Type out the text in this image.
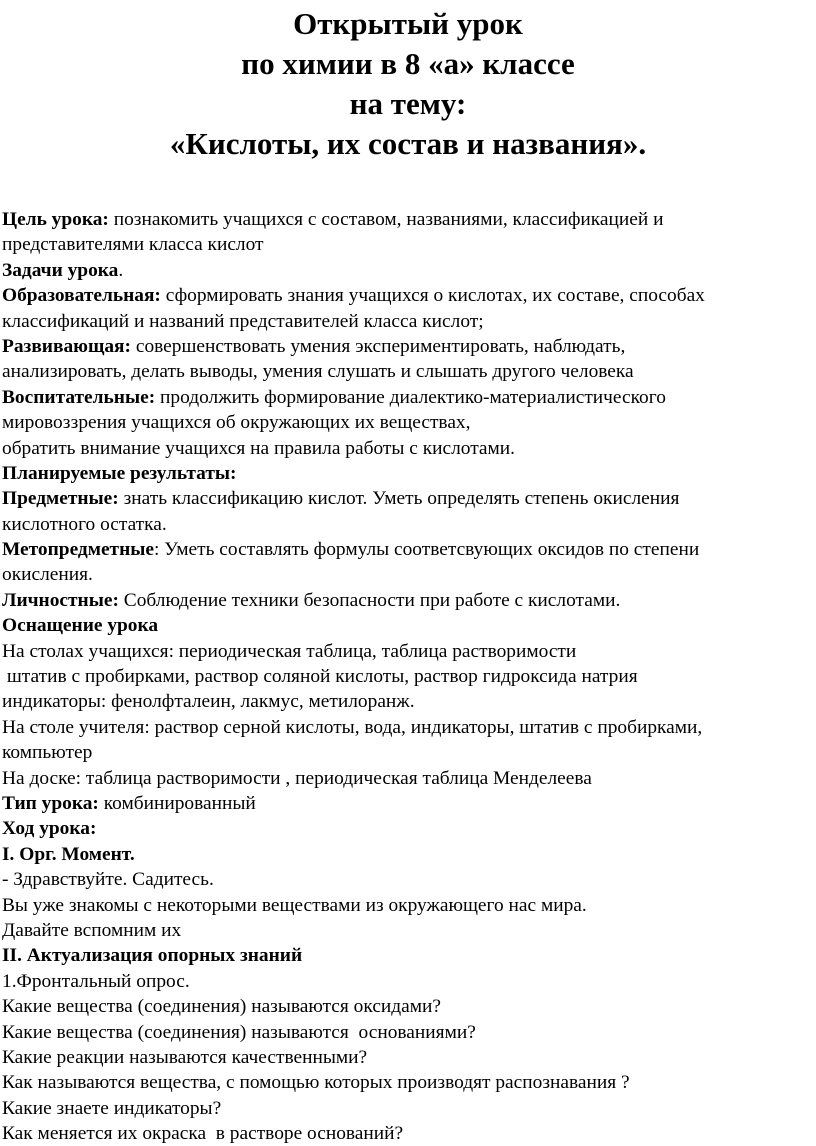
Открытый урок
по химии в 8 «а» классе
на тему:
«Кислоты, их состав и названия».
Цель урока: познакомить учащихся с составом, названиями, классификацией и
представителями класса кислот
Задачи урока.
Образовательная: сформировать знания учащихся о кислотах, их составе, способах
классификаций и названий представителей класса кислот;
Развивающая: совершенствовать умения экспериментировать, наблюдать,
анализировать, делать выводы, умения слушать и слышать другого человека
Воспитательные: продолжить формирование диалектико-материалистического
мировоззрения учащихся об окружающих их веществах,
обратить внимание учащихся на правила работы с кислотами.
Планируемые результаты:
Предметные: знать классификацию кислот. Уметь определять степень окисления
кислотного остатка.
Метопредметные: Уметь составлять формулы соответсвующих оксидов по степени
окисления.
Личностные: Соблюдение техники безопасности при работе с кислотами.
Оснащение урока
На столах учащихся: периодическая таблица, таблица растворимости
штатив с пробирками, раствор соляной кислоты, раствор гидроксида натрия
индикаторы: фенолфталеин, лакмус, метилоранж.
На столе учителя: раствор серной кислоты, вода, индикаторы, штатив с пробирками,
компьютер
На доске: таблица растворимости , периодическая таблица Менделеева
Тип урока: комбинированный
Ход урока:
I. Орг. Момент.
- Здравствуйте. Садитесь.
Вы уже знакомы с некоторыми веществами из окружающего нас мира.
Давайте вспомним их
II. Актуализация опорных знаний
1.Фронтальный опрос.
Какие вещества (соединения) называются оксидами?
Какие вещества (соединения) называются  основаниями?
Какие реакции называются качественными?
Как называются вещества, с помощью которых производят распознавания ?
Какие знаете индикаторы?
Как меняется их окраска  в растворе оснований?
